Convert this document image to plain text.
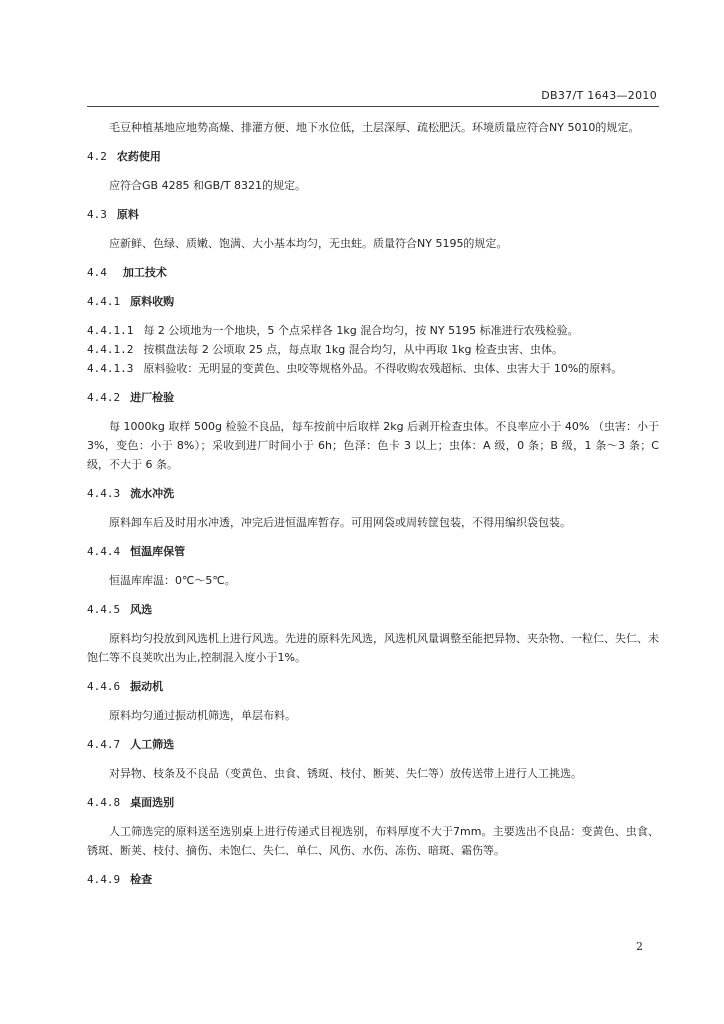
DB37/T 1643—2010

毛豆种植基地应地势高燥、排灌方便、地下水位低，土层深厚、疏松肥沃。环境质量应符合NY 5010的规定。

4.2 农药使用

应符合GB 4285 和GB/T 8321的规定。

4.3 原料

应新鲜、色绿、质嫩、饱满、大小基本均匀，无虫蛀。质量符合NY 5195的规定。

4.4 加工技术
4.4.1 原料收购

4.4.1.1 每 2 公顷地为一个地块，5 个点采样各 1kg 混合均匀，按 NY 5195 标准进行农残检验。

4.4.1.2 按棋盘法每 2 公顷取 25 点，每点取 1kg 混合均匀，从中再取 1kg 检查虫害、虫体。

4.4.1.3 原料验收：无明显的变黄色、虫咬等规格外品。不得收购农残超标、虫体、虫害大于 10%的原料。

4.4.2 进厂检验

每 1000kg 取样 500g 检验不良品，每车按前中后取样 2kg 后剥开检查虫体。不良率应小于 40% （虫害：小于 3%，变色：小于 8%）；采收到进厂时间小于 6h；色泽：色卡 3 以上；虫体：A 级，0 条；B 级，1 条～3 条；C 级，不大于 6 条。

4.4.3 流水冲洗

原料卸车后及时用水冲透，冲完后进恒温库暂存。可用网袋或周转筐包装，不得用编织袋包装。

4.4.4 恒温库保管

恒温库库温：0℃～5℃。

4.4.5 风选

原料均匀投放到风选机上进行风选。先进的原料先风选，风选机风量调整至能把异物、夹杂物、一粒仁、失仁、未饱仁等不良荚吹出为止,控制混入度小于1%。

4.4.6 振动机

原料均匀通过振动机筛选，单层布料。

4.4.7 人工筛选

对异物、枝条及不良品（变黄色、虫食、锈斑、枝付、断荚、失仁等）放传送带上进行人工挑选。

4.4.8 桌面选别

人工筛选完的原料送至选别桌上进行传递式目视选别，布料厚度不大于7mm。主要选出不良品：变黄色、虫食、锈斑、断荚、枝付、摘伤、未饱仁、失仁、单仁、风伤、水伤、冻伤、暗斑、霜伤等。

4.4.9 检查
2
